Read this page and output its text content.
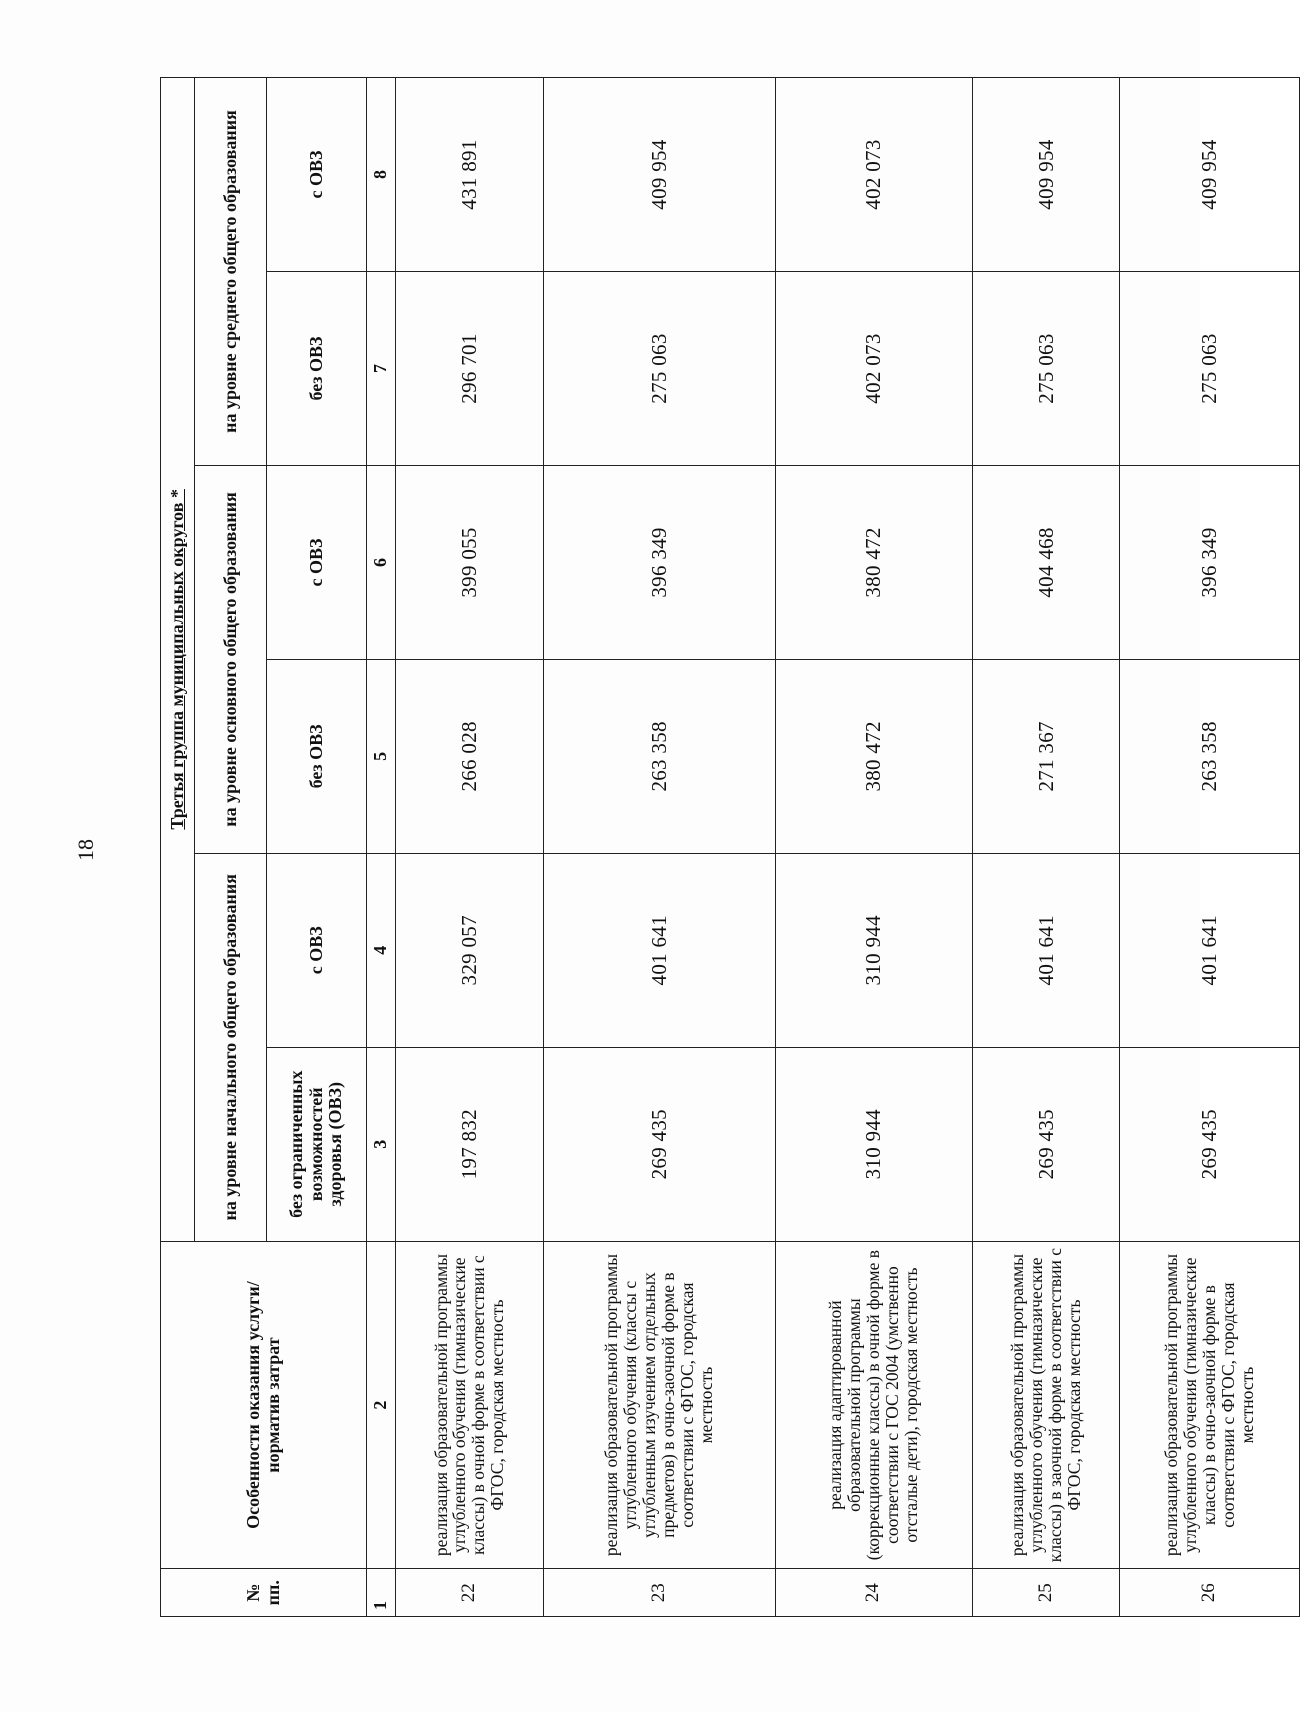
18
№ пп.	Особенности оказания услуги/норматив затрат	Третья группа муниципальных округов *					
		на уровне начального общего образования		на уровне основного общего образования		на уровне среднего общего образования	
		без ограниченных возможностей здоровья (ОВЗ)	с ОВЗ	без ОВЗ	с ОВЗ	без ОВЗ	с ОВЗ
1	2	3	4	5	6	7	8
22	реализация образовательной программы углубленного обучения (гимназические классы) в очной форме в соответствии с ФГОС, городская местность	197 832	329 057	266 028	399 055	296 701	431 891
23	реализация образовательной программы углубленного обучения (классы с углубленным изучением отдельных предметов) в очно-заочной форме в соответствии с ФГОС, городская местность	269 435	401 641	263 358	396 349	275 063	409 954
24	реализация адаптированной образовательной программы (коррекционные классы) в очной форме в соответствии с ГОС 2004 (умственно отсталые дети), городская местность	310 944	310 944	380 472	380 472	402 073	402 073
25	реализация образовательной программы углубленного обучения (гимназические классы) в заочной форме в соответствии с ФГОС, городская местность	269 435	401 641	271 367	404 468	275 063	409 954
26	реализация образовательной программы углубленного обучения (гимназические классы) в очно-заочной форме в соответствии с ФГОС, городская местность	269 435	401 641	263 358	396 349	275 063	409 954
